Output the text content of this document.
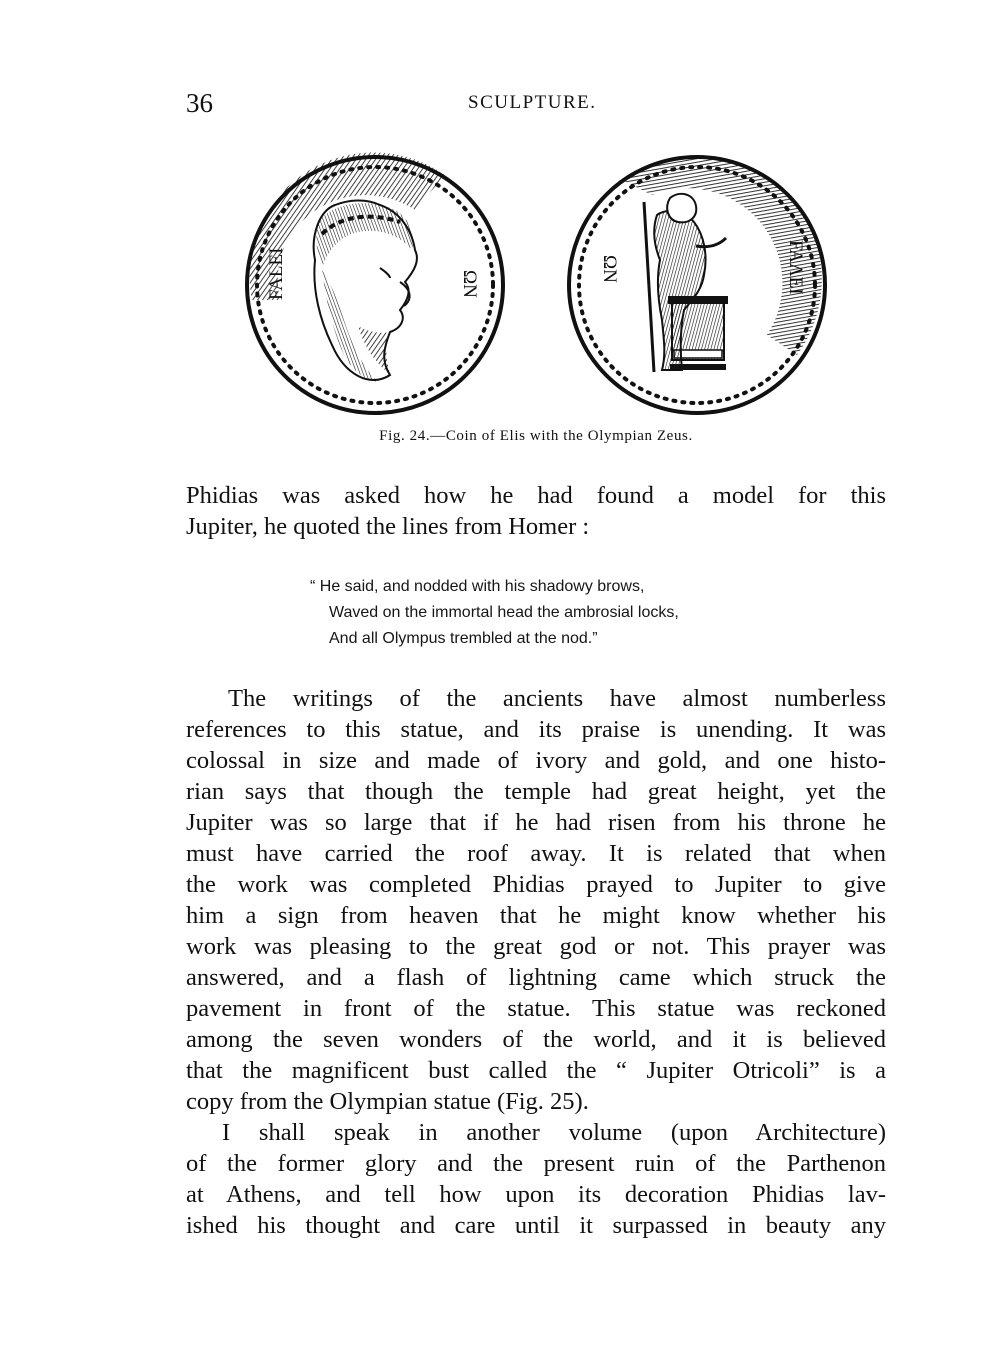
36	SCULPTURE.
FALEI	ΩN
ΩN	FAΛEI
Fig. 24.—Coin of Elis with the Olympian Zeus.
Phidias was asked how he had found a model for this
Jupiter, he quoted the lines from Homer :
“ He said, and nodded with his shadowy brows,
Waved on the immortal head the ambrosial locks,
And all Olympus trembled at the nod.”
The writings of the ancients have almost numberless
references to this statue, and its praise is unending. It was
colossal in size and made of ivory and gold, and one histo-
rian says that though the temple had great height, yet the
Jupiter was so large that if he had risen from his throne he
must have carried the roof away. It is related that when
the work was completed Phidias prayed to Jupiter to give
him a sign from heaven that he might know whether his
work was pleasing to the great god or not. This prayer was
answered, and a flash of lightning came which struck the
pavement in front of the statue. This statue was reckoned
among the seven wonders of the world, and it is believed
that the magnificent bust called the “ Jupiter Otricoli” is a
copy from the Olympian statue (Fig. 25).
I shall speak in another volume (upon Architecture)
of the former glory and the present ruin of the Parthenon
at Athens, and tell how upon its decoration Phidias lav-
ished his thought and care until it surpassed in beauty any
